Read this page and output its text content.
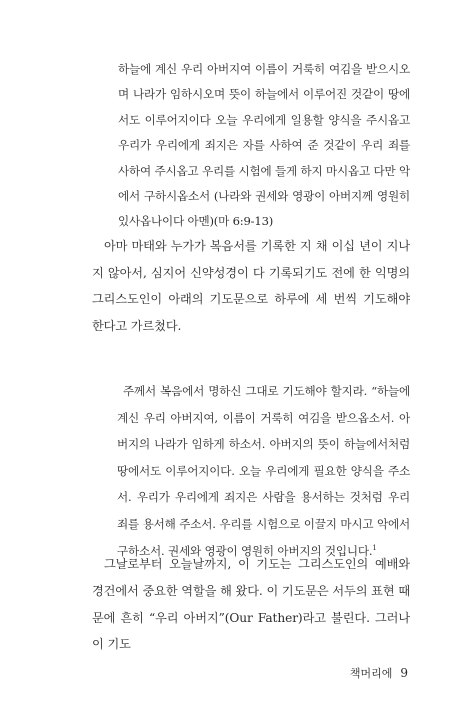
하늘에 계신 우리 아버지여 이름이 거룩히 여김을 받으시오며 나라가 임하시오며 뜻이 하늘에서 이루어진 것같이 땅에서도 이루어지이다 오늘 우리에게 일용할 양식을 주시옵고 우리가 우리에게 죄지은 자를 사하여 준 것같이 우리 죄를 사하여 주시옵고 우리를 시험에 들게 하지 마시옵고 다만 악에서 구하시옵소서 (나라와 권세와 영광이 아버지께 영원히 있사옵나이다 아멘)(마 6:9-13)

아마 마태와 누가가 복음서를 기록한 지 채 이십 년이 지나지 않아서, 심지어 신약성경이 다 기록되기도 전에 한 익명의 그리스도인이 아래의 기도문으로 하루에 세 번씩 기도해야 한다고 가르쳤다.

주께서 복음에서 명하신 그대로 기도해야 할지라. “하늘에 계신 우리 아버지여, 이름이 거룩히 여김을 받으옵소서. 아버지의 나라가 임하게 하소서. 아버지의 뜻이 하늘에서처럼 땅에서도 이루어지이다. 오늘 우리에게 필요한 양식을 주소서. 우리가 우리에게 죄지은 사람을 용서하는 것처럼 우리 죄를 용서해 주소서. 우리를 시험으로 이끌지 마시고 악에서 구하소서. 권세와 영광이 영원히 아버지의 것입니다.$^1$

그날로부터 오늘날까지, 이 기도는 그리스도인의 예배와 경건에서 중요한 역할을 해 왔다. 이 기도문은 서두의 표현 때문에 흔히 “우리 아버지”(Our Father)라고 불린다. 그러나 이 기도

책머리에 9
